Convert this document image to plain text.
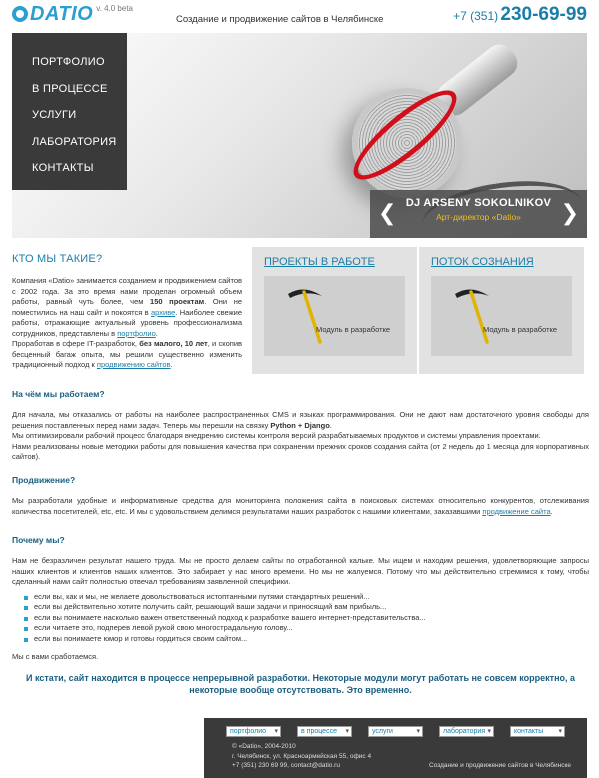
DATIO v. 4.0 beta
Создание и продвижение сайтов в Челябинске	+7 (351) 230-69-99
ПОРТФОЛИО
В ПРОЦЕССЕ
УСЛУГИ
ЛАБОРАТОРИЯ
КОНТАКТЫ
❮ DJ ARSENY SOKOLNIKOV
Арт-директор «Datio»	❯
КТО МЫ ТАКИЕ?
Компания «Datio» занимается созданием и продвижением сайтов с 2002 года. За это время нами проделан огромный объем работы, равный чуть более, чем 150 проектам. Они не поместились на наш сайт и покоятся в архиве. Наиболее свежие работы, отражающие актуальный уровень профессионализма сотрудников, представлены в портфолио.
Проработав в сфере IT-разработок, без малого, 10 лет, и скопив бесценный багаж опыта, мы решили существенно изменить традиционный подход к продвижению сайтов.
ПРОЕКТЫ В РАБОТЕ
Модуль в разработке
ПОТОК СОЗНАНИЯ
Модуль в разработке
На чём мы работаем?

Для начала, мы отказались от работы на наиболее распространенных CMS и языках программирования. Они не дают нам достаточного уровня свободы для решения поставленных перед нами задач. Теперь мы перешли на связку Python + Django.
Мы оптимизировали рабочий процесс благодаря внедрению системы контроля версий разрабатываемых продуктов и системы управления проектами.
Нами реализованы новые методики работы для повышения качества при сохранении прежних сроков создания сайта (от 2 недель до 1 месяца для корпоративных сайтов).

Продвижение?

Мы разработали удобные и информативные средства для мониторинга положения сайта в поисковых системах относительно конкурентов, отслеживания количества посетителей, etc, etc. И мы с удовольствием делимся результатами наших разработок с нашими клиентами, заказавшими продвижение сайта.

Почему мы?

Нам не безразличен результат нашего труда. Мы не просто делаем сайты по отработанной кальке. Мы ищем и находим решения, удовлетворяющие запросы наших клиентов и клиентов наших клиентов. Это забирает у нас много времени. Но мы не жалуемся. Потому что мы действительно стремимся к тому, чтобы сделанный нами сайт полностью отвечал требованиям заявленной специфики.

если вы, как и мы, не желаете довольствоваться истоптанными путями стандартных решений...
если вы действительно хотите получить сайт, решающий ваши задачи и приносящий вам прибыль...
если вы понимаете насколько важен ответственный подход к разработке вашего интернет-представительства...
если читаете это, подперев левой рукой свою многострадальную голову...
если вы понимаете юмор и готовы гордиться своим сайтом...

Мы с вами сработаемся.

И кстати, сайт находится в процессе непрерывной разработки. Некоторые модули могут работать не совсем корректно, а некоторые вообще отсутствовать. Это временно.
портфолио ▾	в процессе ▾	услуги ▾	лаборатория ▾	контакты ▾
© «Datio», 2004-2010
г. Челябинск, ул. Красноармейская 55, офис 4
+7 (351) 230 69 99, contact@datio.ru	Создание и продвижение сайтов в Челябинске
